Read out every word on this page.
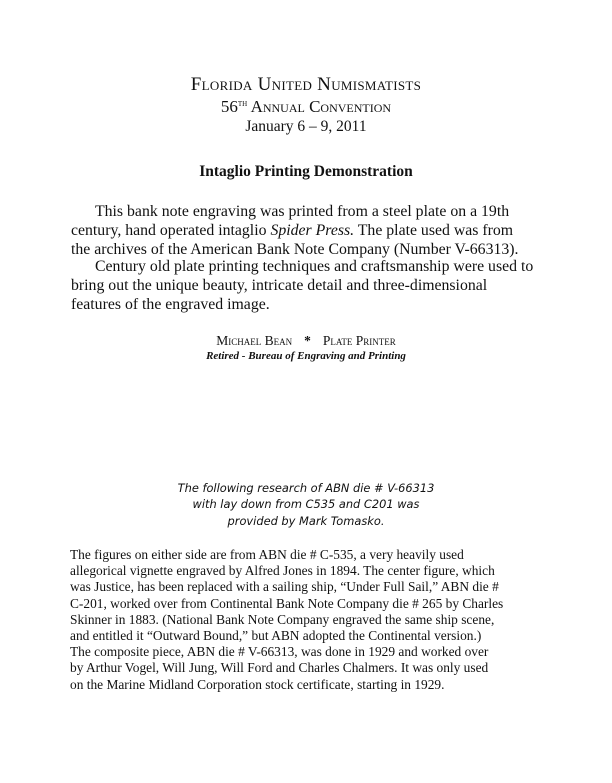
Florida United Numismatists
56th Annual Convention
January 6 – 9, 2011
Intaglio Printing Demonstration
This bank note engraving was printed from a steel plate on a 19th
century, hand operated intaglio Spider Press. The plate used was from
the archives of the American Bank Note Company (Number V-66313).
Century old plate printing techniques and craftsmanship were used to
bring out the unique beauty, intricate detail and three-dimensional
features of the engraved image.
Michael Bean * Plate Printer
Retired - Bureau of Engraving and Printing
The following research of ABN die # V-66313
with lay down from C535 and C201 was
provided by Mark Tomasko.
The figures on either side are from ABN die # C-535, a very heavily used
allegorical vignette engraved by Alfred Jones in 1894. The center figure, which
was Justice, has been replaced with a sailing ship, “Under Full Sail,” ABN die #
C-201, worked over from Continental Bank Note Company die # 265 by Charles
Skinner in 1883. (National Bank Note Company engraved the same ship scene,
and entitled it “Outward Bound,” but ABN adopted the Continental version.)
The composite piece, ABN die # V-66313, was done in 1929 and worked over
by Arthur Vogel, Will Jung, Will Ford and Charles Chalmers. It was only used
on the Marine Midland Corporation stock certificate, starting in 1929.
